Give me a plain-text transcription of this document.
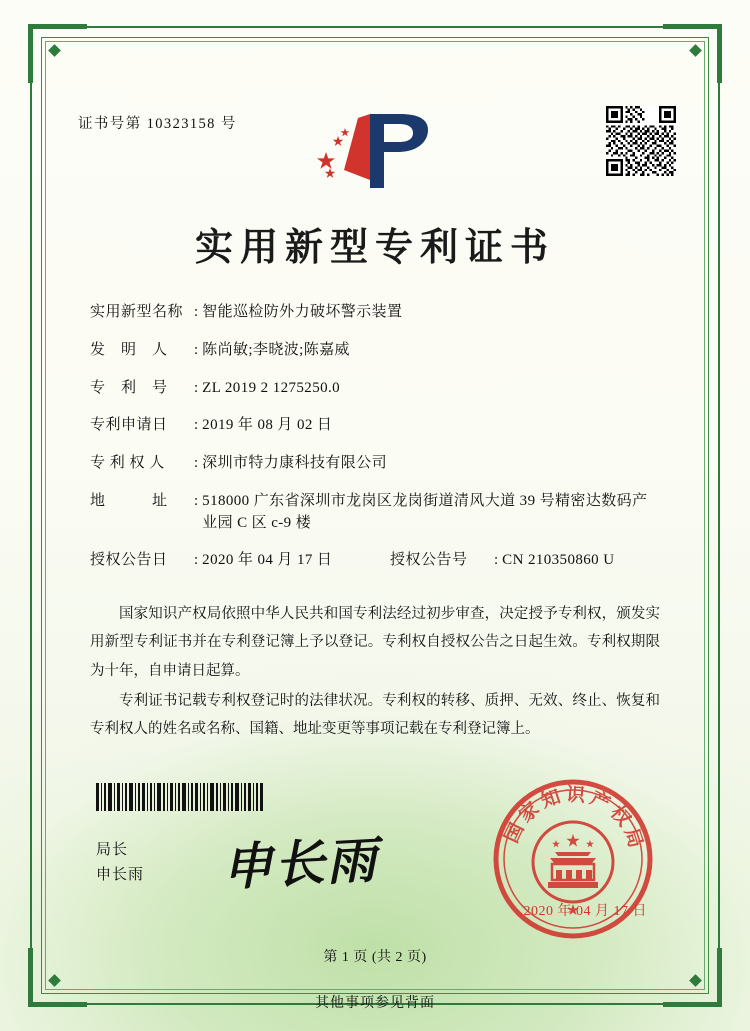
证书号第 10323158 号
实用新型专利证书
实用新型名称 : 智能巡检防外力破坏警示装置
发　明　人	: 陈尚敏;李晓波;陈嘉威
专　利　号	: ZL 2019 2 1275250.0
专利申请日	: 2019 年 08 月 02 日
专 利 权 人	: 深圳市特力康科技有限公司
地　　　址	: 518000 广东省深圳市龙岗区龙岗街道清风大道 39 号精密达数码产业园 C 区 c-9 楼
授权公告日	: 2020 年 04 月 17 日	授权公告号	: CN 210350860 U

国家知识产权局依照中华人民共和国专利法经过初步审查，决定授予专利权，颁发实用新型专利证书并在专利登记簿上予以登记。专利权自授权公告之日起生效。专利权期限为十年，自申请日起算。

专利证书记载专利权登记时的法律状况。专利权的转移、质押、无效、终止、恢复和专利权人的姓名或名称、国籍、地址变更等事项记载在专利登记簿上。

局长
申长雨 申长雨
国家知识产权局
2020 年 04 月 17 日
第 1 页 (共 2 页)
其他事项参见背面
